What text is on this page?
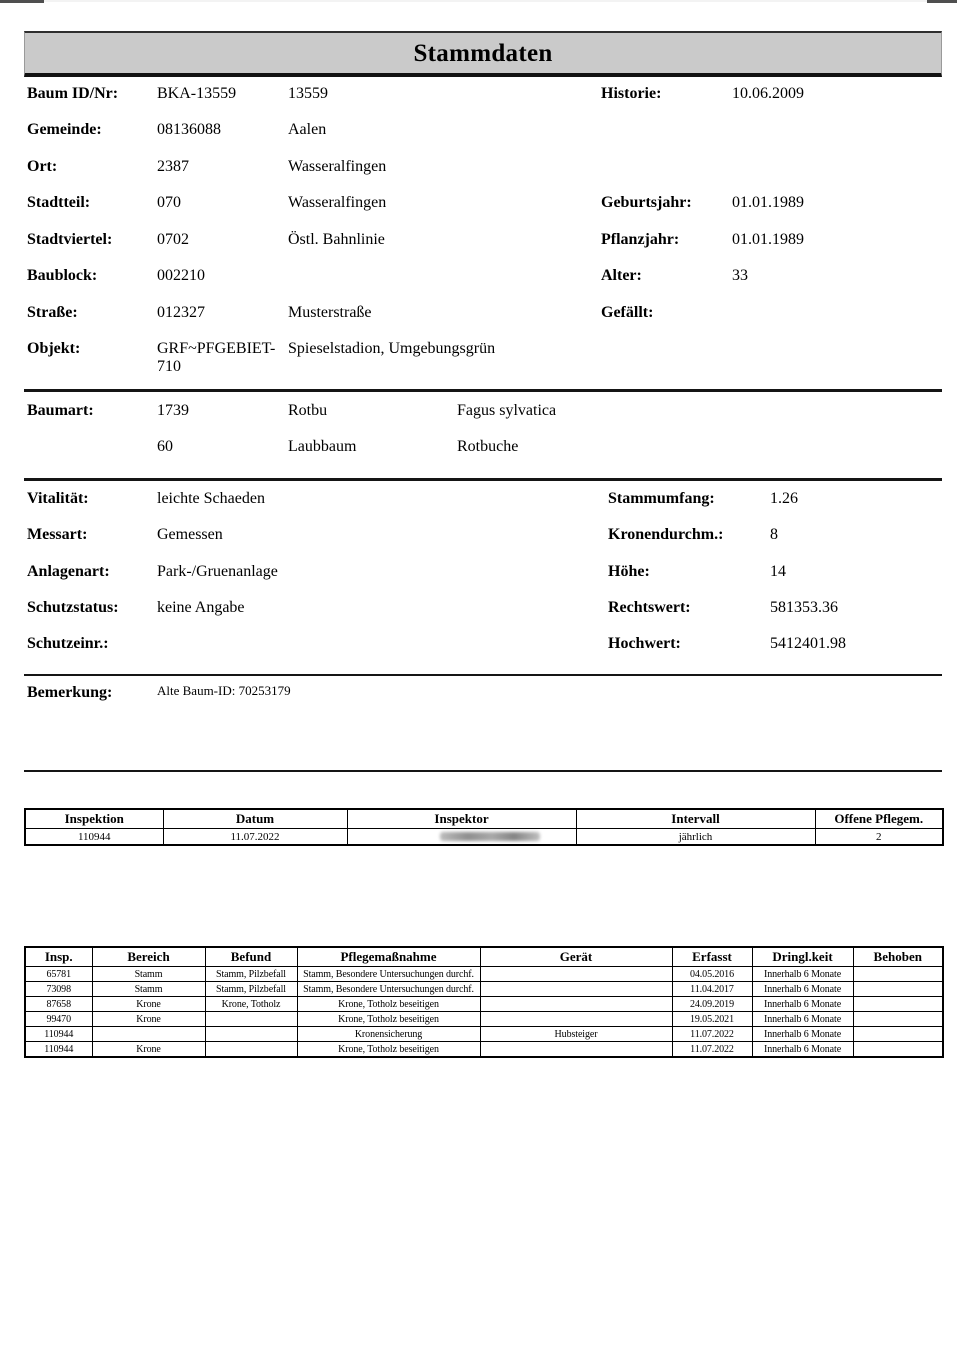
Stammdaten
Baum ID/Nr: BKA-13559	13559
Gemeinde:	08136088	Aalen
Ort:	2387	Wasseralfingen
Stadtteil:	070	Wasseralfingen
Stadtviertel:	0702	Östl. Bahnlinie
Baublock:	002210
Straße:	012327	Musterstraße
Objekt:	GRF~PFGEBIET-710
Spieselstadion, Umgebungsgrün
Historie:	10.06.2009
Geburtsjahr:	01.01.1989
Pflanzjahr:	01.01.1989
Alter:	33
Gefällt:
Baumart:	1739	Rotbu	Fagus sylvatica
60	Laubbaum	Rotbuche
Vitalität:	leichte Schaeden	Stammumfang:	1.26
Messart:	Gemessen	Kronendurchm.:	8
Anlagenart:	Park-/Gruenanlage	Höhe:	14
Schutzstatus: keine Angabe	Rechtswert:	581353.36
Schutzeinr.:	Hochwert:	5412401.98
Bemerkung:	Alte Baum-ID: 70253179
Inspektion	Datum	Inspektor	Intervall	Offene Pflegem.
110944	11.07.2022		jährlich	2
Insp.	Bereich	Befund	Pflegemaßnahme	Gerät	Erfasst	Dringl.keit	Behoben
65781	Stamm	Stamm, Pilzbefall	Stamm, Besondere Untersuchungen durchf.		04.05.2016	Innerhalb 6 Monate	
73098	Stamm	Stamm, Pilzbefall	Stamm, Besondere Untersuchungen durchf.		11.04.2017	Innerhalb 6 Monate	
87658	Krone	Krone, Totholz	Krone, Totholz beseitigen		24.09.2019	Innerhalb 6 Monate	
99470	Krone		Krone, Totholz beseitigen		19.05.2021	Innerhalb 6 Monate	
110944			Kronensicherung	Hubsteiger	11.07.2022	Innerhalb 6 Monate	
110944	Krone		Krone, Totholz beseitigen		11.07.2022	Innerhalb 6 Monate	
